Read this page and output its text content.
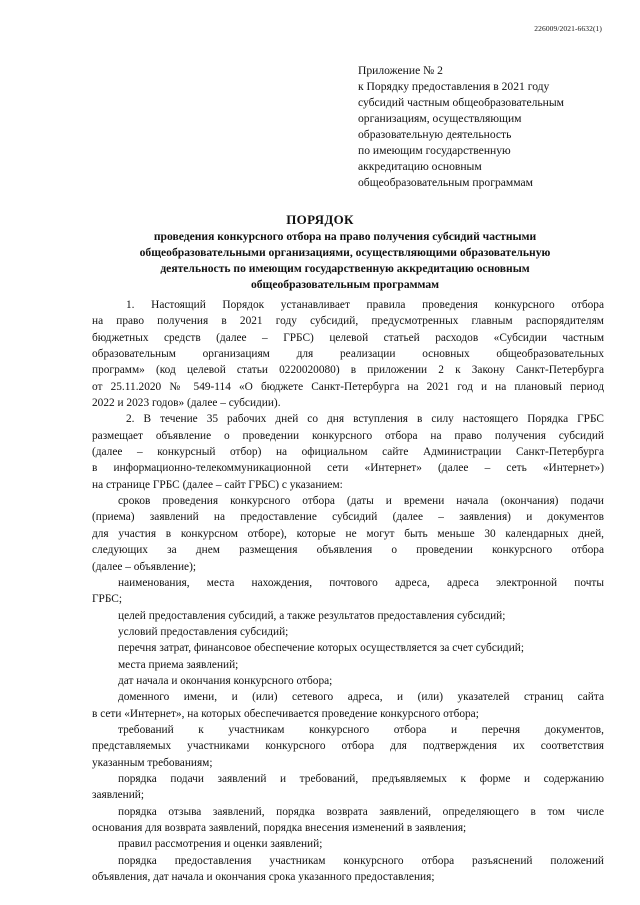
226009/2021-6632(1)
Приложение № 2
к Порядку предоставления в 2021 году
субсидий частным общеобразовательным
организациям, осуществляющим
образовательную деятельность
по имеющим государственную
аккредитацию основным
общеобразовательным программам
ПОРЯДОК
проведения конкурсного отбора на право получения субсидий частными
общеобразовательными организациями, осуществляющими образовательную
деятельность по имеющим государственную аккредитацию основным
общеобразовательным программам
1. Настоящий Порядок устанавливает правила проведения конкурсного отбора
на право получения в 2021 году субсидий, предусмотренных главным распорядителям
бюджетных средств (далее – ГРБС) целевой статьей расходов «Субсидии частным
образовательным организациям для реализации основных общеобразовательных
программ» (код целевой статьи 0220020080) в приложении 2 к Закону Санкт-Петербурга
от 25.11.2020 № 549-114 «О бюджете Санкт-Петербурга на 2021 год и на плановый период
2022 и 2023 годов» (далее – субсидии).
2. В течение 35 рабочих дней со дня вступления в силу настоящего Порядка ГРБС
размещает объявление о проведении конкурсного отбора на право получения субсидий
(далее – конкурсный отбор) на официальном сайте Администрации Санкт-Петербурга
в информационно-телекоммуникационной сети «Интернет» (далее – сеть «Интернет»)
на странице ГРБС (далее – сайт ГРБС) с указанием:
сроков проведения конкурсного отбора (даты и времени начала (окончания) подачи
(приема) заявлений на предоставление субсидий (далее – заявления) и документов
для участия в конкурсном отборе), которые не могут быть меньше 30 календарных дней,
следующих за днем размещения объявления о проведении конкурсного отбора
(далее – объявление);
наименования, места нахождения, почтового адреса, адреса электронной почты
ГРБС;
целей предоставления субсидий, а также результатов предоставления субсидий;
условий предоставления субсидий;
перечня затрат, финансовое обеспечение которых осуществляется за счет субсидий;
места приема заявлений;
дат начала и окончания конкурсного отбора;
доменного имени, и (или) сетевого адреса, и (или) указателей страниц сайта
в сети «Интернет», на которых обеспечивается проведение конкурсного отбора;
требований к участникам конкурсного отбора и перечня документов,
представляемых участниками конкурсного отбора для подтверждения их соответствия
указанным требованиям;
порядка подачи заявлений и требований, предъявляемых к форме и содержанию
заявлений;
порядка отзыва заявлений, порядка возврата заявлений, определяющего в том числе
основания для возврата заявлений, порядка внесения изменений в заявления;
правил рассмотрения и оценки заявлений;
порядка предоставления участникам конкурсного отбора разъяснений положений
объявления, дат начала и окончания срока указанного предоставления;
